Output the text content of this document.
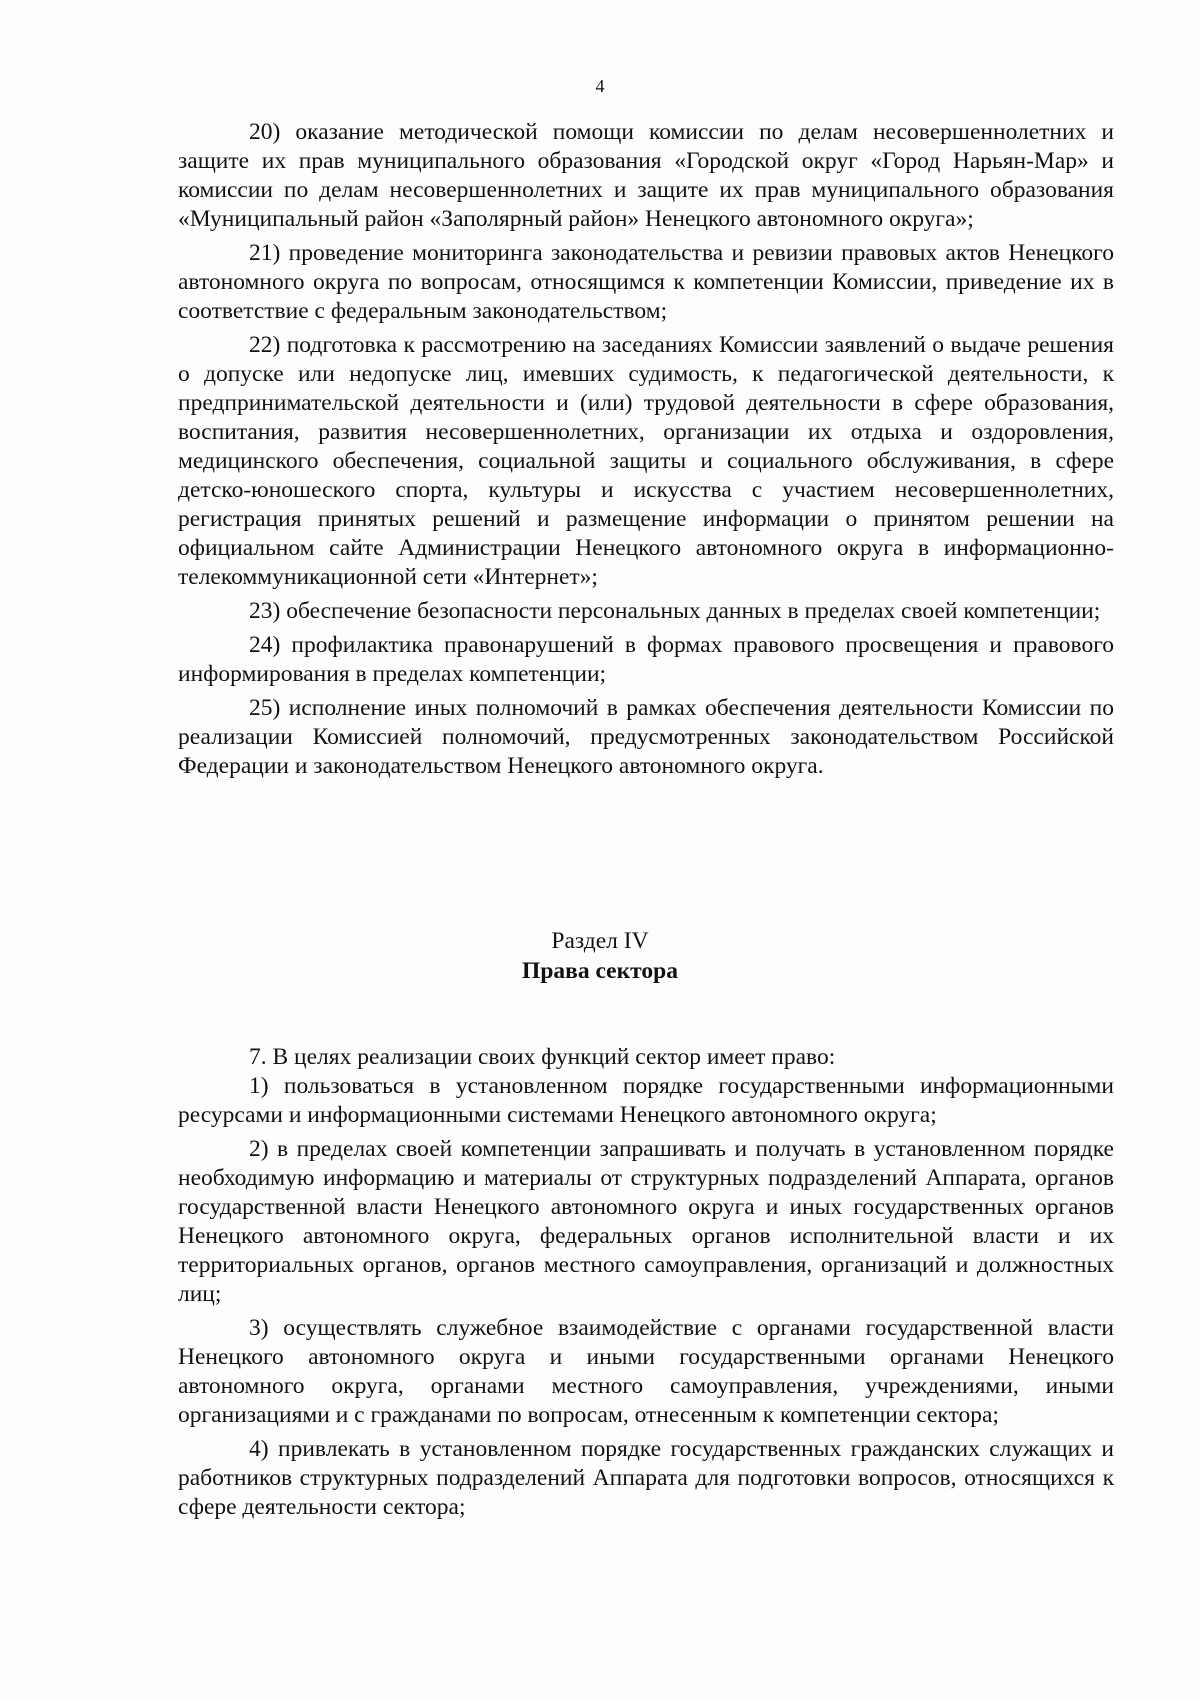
4

20) оказание методической помощи комиссии по делам несовершеннолетних и защите их прав муниципального образования «Городской округ «Город Нарьян-Мар» и комиссии по делам несовершеннолетних и защите их прав муниципального образования «Муниципальный район «Заполярный район» Ненецкого автономного округа»;

21) проведение мониторинга законодательства и ревизии правовых актов Ненецкого автономного округа по вопросам, относящимся к компетенции Комиссии, приведение их в соответствие с федеральным законодательством;

22) подготовка к рассмотрению на заседаниях Комиссии заявлений о выдаче решения о допуске или недопуске лиц, имевших судимость, к педагогической деятельности, к предпринимательской деятельности и (или) трудовой деятельности в сфере образования, воспитания, развития несовершеннолетних, организации их отдыха и оздоровления, медицинского обеспечения, социальной защиты и социального обслуживания, в сфере детско-юношеского спорта, культуры и искусства с участием несовершеннолетних, регистрация принятых решений и размещение информации о принятом решении на официальном сайте Администрации Ненецкого автономного округа в информационно-телекоммуникационной сети «Интернет»;

23) обеспечение безопасности персональных данных в пределах своей компетенции;

24) профилактика правонарушений в формах правового просвещения и правового информирования в пределах компетенции;

25) исполнение иных полномочий в рамках обеспечения деятельности Комиссии по реализации Комиссией полномочий, предусмотренных законодательством Российской Федерации и законодательством Ненецкого автономного округа.

Раздел IV
Права сектора

7. В целях реализации своих функций сектор имеет право:

1) пользоваться в установленном порядке государственными информационными ресурсами и информационными системами Ненецкого автономного округа;

2) в пределах своей компетенции запрашивать и получать в установленном порядке необходимую информацию и материалы от структурных подразделений Аппарата, органов государственной власти Ненецкого автономного округа и иных государственных органов Ненецкого автономного округа, федеральных органов исполнительной власти и их территориальных органов, органов местного самоуправления, организаций и должностных лиц;

3) осуществлять служебное взаимодействие с органами государственной власти Ненецкого автономного округа и иными государственными органами Ненецкого автономного округа, органами местного самоуправления, учреждениями, иными организациями и с гражданами по вопросам, отнесенным к компетенции сектора;

4) привлекать в установленном порядке государственных гражданских служащих и работников структурных подразделений Аппарата для подготовки вопросов, относящихся к сфере деятельности сектора;
